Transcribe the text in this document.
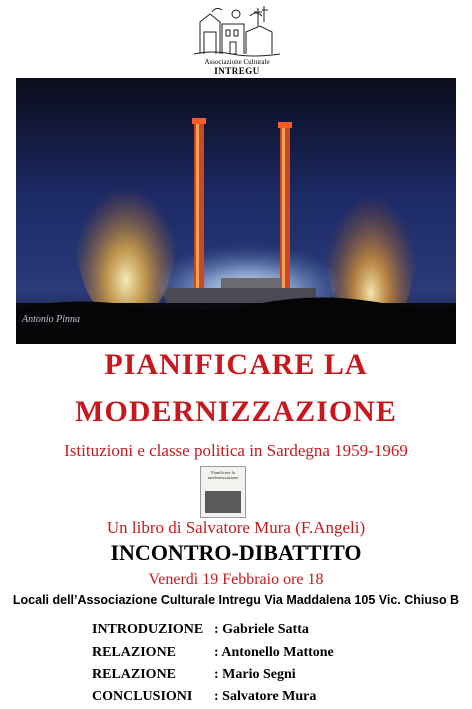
Associazione Culturale
INTREGU
Antonio Pinna
PIANIFICARE LA
MODERNIZZAZIONE
Istituzioni e classe politica in Sardegna 1959-1969
Pianificare la modernizzazione
Un libro di Salvatore Mura (F.Angeli)
INCONTRO-DIBATTITO
Venerdì 19 Febbraio ore 18
Locali dell’Associazione Culturale Intregu Via Maddalena 105 Vic. Chiuso B
INTRODUZIONE : Gabriele Satta
RELAZIONE	: Antonello Mattone
RELAZIONE	: Mario Segni
CONCLUSIONI : Salvatore Mura
